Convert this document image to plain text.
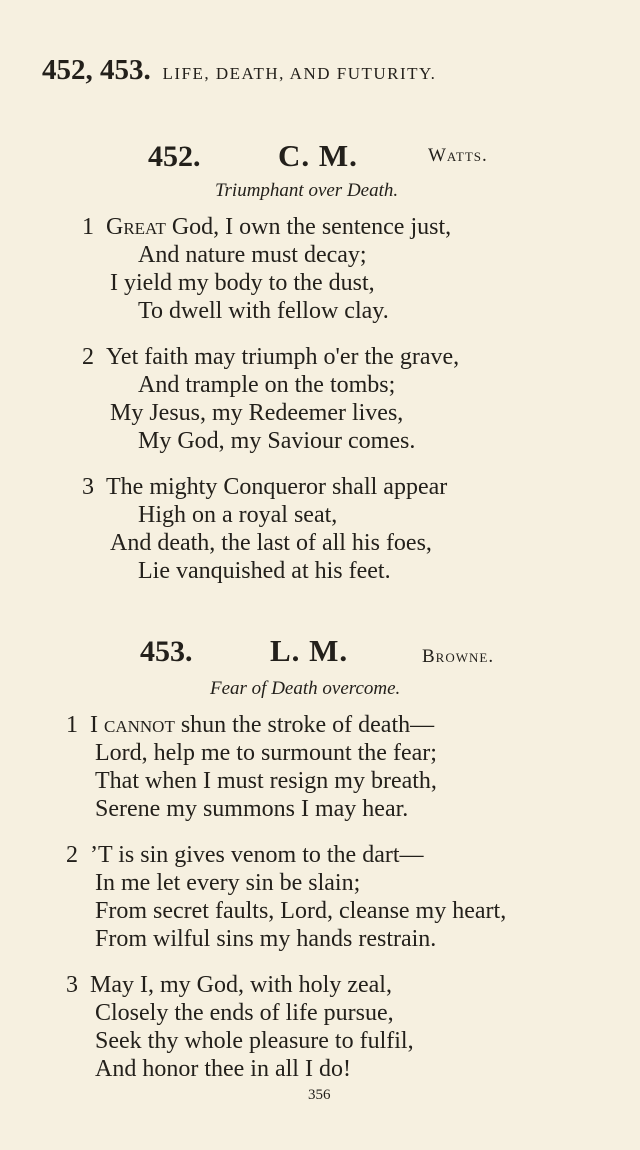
452, 453. LIFE, DEATH, AND FUTURITY.
452.	C. M.	Watts.
Triumphant over Death.
1 Great God, I own the sentence just,
And nature must decay;
I yield my body to the dust,
To dwell with fellow clay.
2 Yet faith may triumph o'er the grave,
And trample on the tombs;
My Jesus, my Redeemer lives,
My God, my Saviour comes.
3 The mighty Conqueror shall appear
High on a royal seat,
And death, the last of all his foes,
Lie vanquished at his feet.
453.	L. M.	Browne.
Fear of Death overcome.
1 I cannot shun the stroke of death—
Lord, help me to surmount the fear;
That when I must resign my breath,
Serene my summons I may hear.
2 ’T is sin gives venom to the dart—
In me let every sin be slain;
From secret faults, Lord, cleanse my heart,
From wilful sins my hands restrain.
3 May I, my God, with holy zeal,
Closely the ends of life pursue,
Seek thy whole pleasure to fulfil,
And honor thee in all I do!
356
